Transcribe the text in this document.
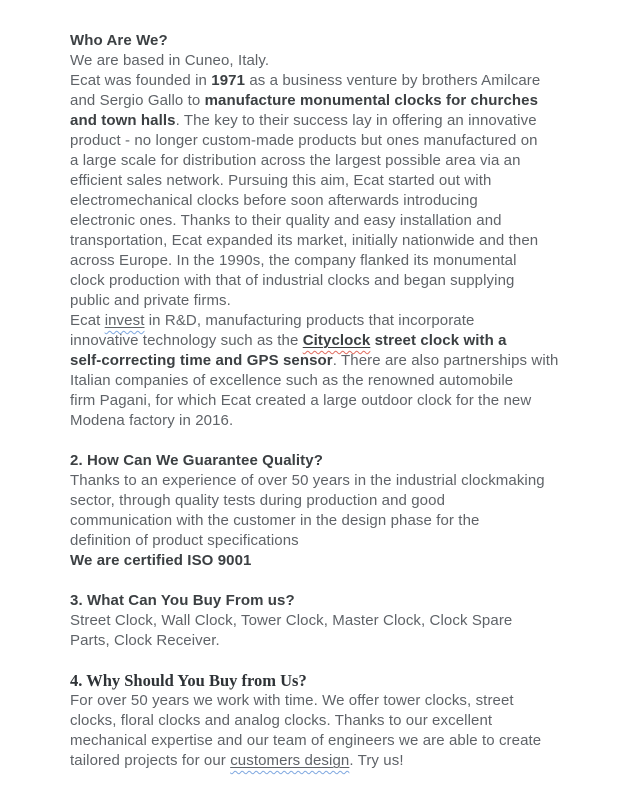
Who Are We?
We are based in Cuneo, Italy.
Ecat was founded in 1971 as a business venture by brothers Amilcare
and Sergio Gallo to manufacture monumental clocks for churches
and town halls. The key to their success lay in offering an innovative
product - no longer custom-made products but ones manufactured on
a large scale for distribution across the largest possible area via an
efficient sales network. Pursuing this aim, Ecat started out with
electromechanical clocks before soon afterwards introducing
electronic ones. Thanks to their quality and easy installation and
transportation, Ecat expanded its market, initially nationwide and then
across Europe. In the 1990s, the company flanked its monumental
clock production with that of industrial clocks and began supplying
public and private firms.
Ecat invest in R&D, manufacturing products that incorporate
innovative technology such as the Cityclock street clock with a
self-correcting time and GPS sensor. There are also partnerships with
Italian companies of excellence such as the renowned automobile
firm Pagani, for which Ecat created a large outdoor clock for the new
Modena factory in 2016.
2. How Can We Guarantee Quality?
Thanks to an experience of over 50 years in the industrial clockmaking
sector, through quality tests during production and good
communication with the customer in the design phase for the
definition of product specifications
We are certified ISO 9001
3. What Can You Buy From us?
Street Clock, Wall Clock, Tower Clock, Master Clock, Clock Spare
Parts, Clock Receiver.
4. Why Should You Buy from Us?
For over 50 years we work with time. We offer tower clocks, street
clocks, floral clocks and analog clocks. Thanks to our excellent
mechanical expertise and our team of engineers we are able to create
tailored projects for our customers design. Try us!
